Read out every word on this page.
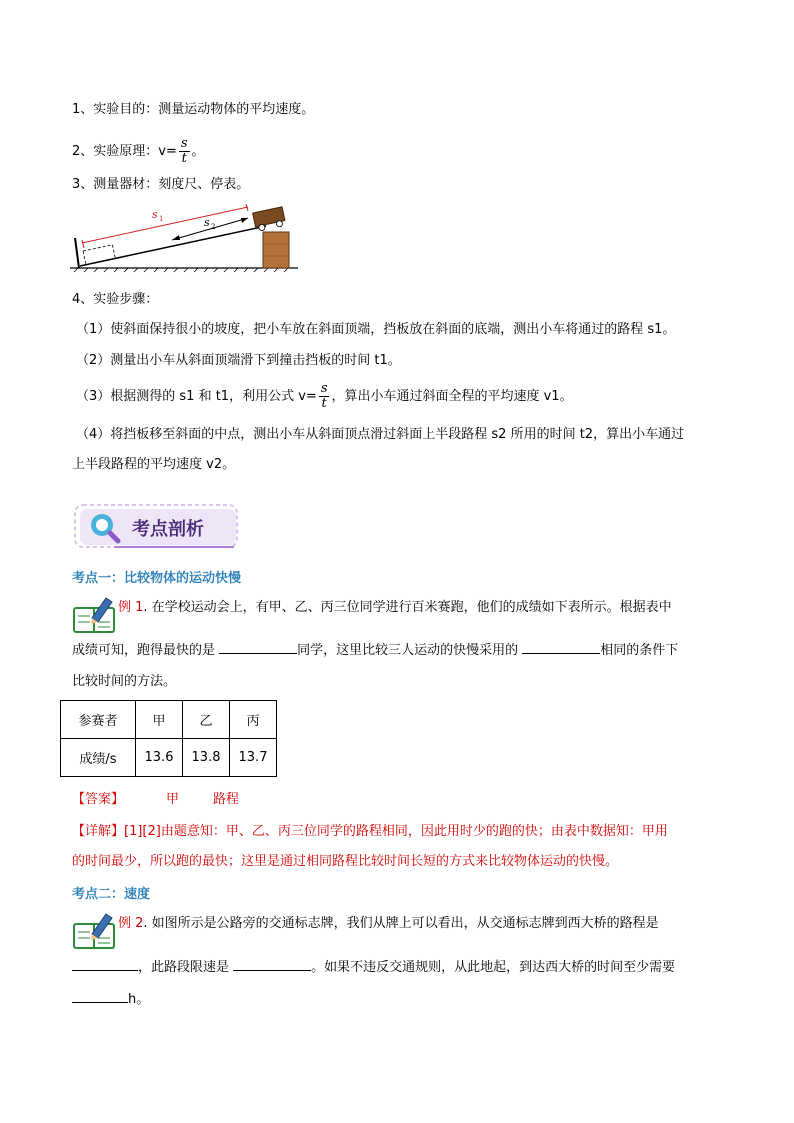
1、实验目的：测量运动物体的平均速度。
2、实验原理：$v= \frac{s}{t}$ 。
3、测量器材：刻度尺、停表。
s 1	s 2
4、实验步骤：
（1）使斜面保持很小的坡度，把小车放在斜面顶端，挡板放在斜面的底端，测出小车将通过的路程 s1。
（2）测量出小车从斜面顶端滑下到撞击挡板的时间 t1。
（3）根据测得的 s1 和 t1，利用公式 $v= \frac{s}{t}$ ，算出小车通过斜面全程的平均速度 v1。
（4）将挡板移至斜面的中点，测出小车从斜面顶点滑过斜面上半段路程 s2 所用的时间 t2，算出小车通过
上半段路程的平均速度 v2。
考点剖析
考点一：比较物体的运动快慢
例 1. 在学校运动会上，有甲、乙、丙三位同学进行百米赛跑，他们的成绩如下表所示。根据表中
成绩可知，跑得最快的是	同学，这里比较三人运动的快慢采用的	相同的条件下
比较时间的方法。
参赛者	甲	乙	丙
成绩/s	13.6	13.8	13.7
【答案】	甲	路程
【详解】[1][2]由题意知：甲、乙、丙三位同学的路程相同，因此用时少的跑的快；由表中数据知：甲用
的时间最少，所以跑的最快；这里是通过相同路程比较时间长短的方式来比较物体运动的快慢。
考点二：速度
例 2. 如图所示是公路旁的交通标志牌，我们从牌上可以看出，从交通标志牌到西大桥的路程是
，此路段限速是	。如果不违反交通规则，从此地起，到达西大桥的时间至少需要
h。
